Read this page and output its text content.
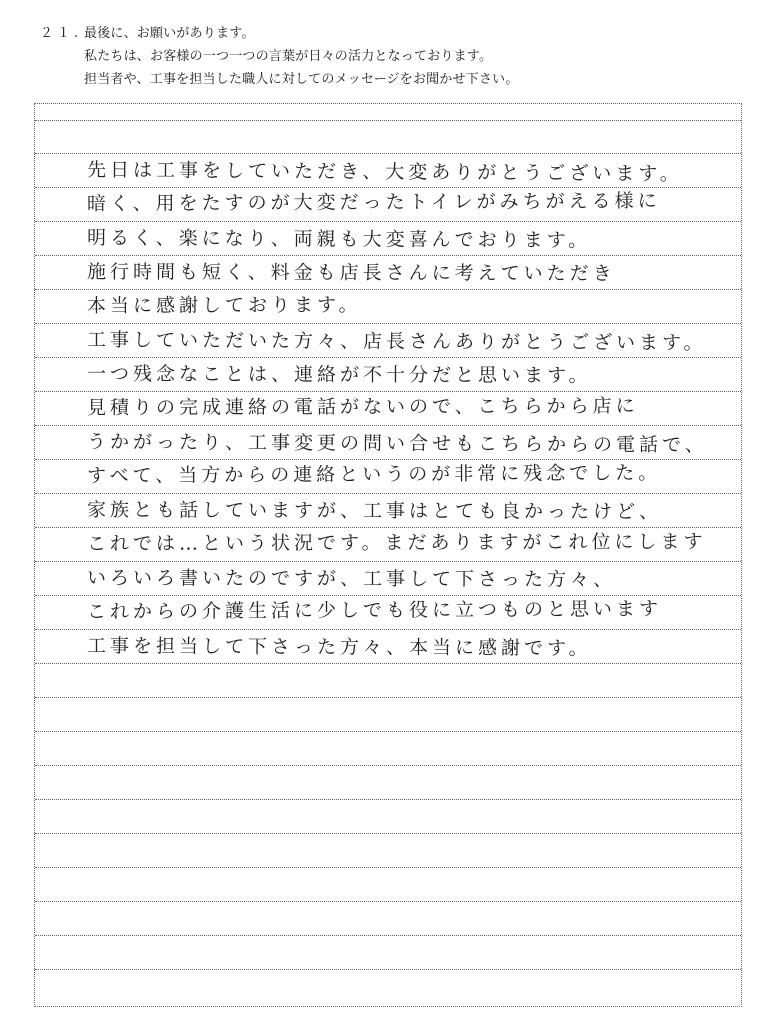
２１. 最後に、お願いがあります。
私たちは、お客様の一つ一つの言葉が日々の活力となっております。
担当者や、工事を担当した職人に対してのメッセージをお聞かせ下さい。
先日は工事をしていただき、大変ありがとうございます。
暗く、用をたすのが大変だったトイレがみちがえる様に
明るく、楽になり、両親も大変喜んでおります。
施行時間も短く、料金も店長さんに考えていただき
本当に感謝しております。
工事していただいた方々、店長さんありがとうございます。
一つ残念なことは、連絡が不十分だと思います。
見積りの完成連絡の電話がないので、こちらから店に
うかがったり、工事変更の問い合せもこちらからの電話で、
すべて、当方からの連絡というのが非常に残念でした。
家族とも話していますが、工事はとても良かったけど、
これでは…という状況です。まだありますがこれ位にします
いろいろ書いたのですが、工事して下さった方々、
これからの介護生活に少しでも役に立つものと思います
工事を担当して下さった方々、本当に感謝です。
